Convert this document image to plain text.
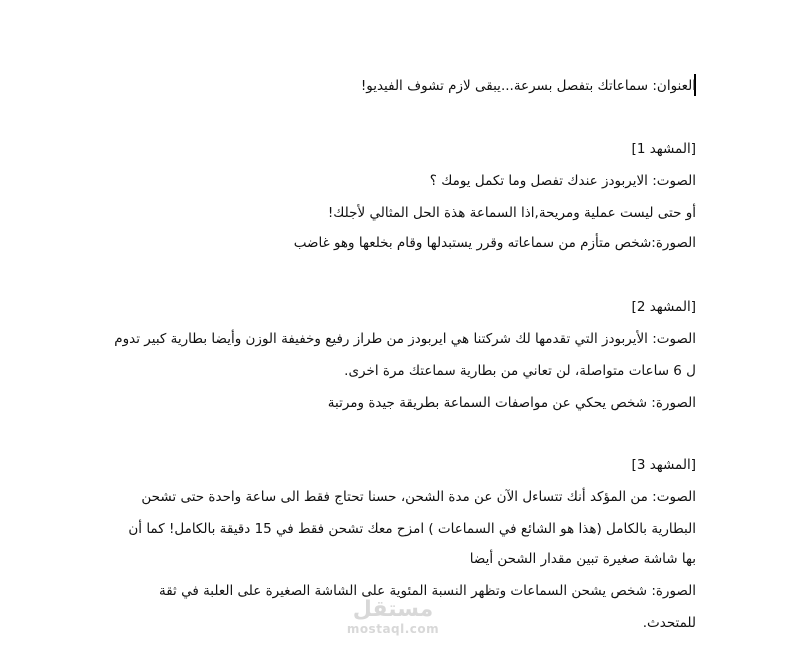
العنوان: سماعاتك بتفصل بسرعة...يبقى لازم تشوف الفيديو!
[المشهد 1]
الصوت: الايربودز عندك تفصل وما تكمل يومك ؟
أو حتى ليست عملية ومريحة,اذا السماعة هذة الحل المثالي لأجلك!
الصورة:شخص متأزم من سماعاته وقرر يستبدلها وقام بخلعها وهو غاضب
[المشهد 2]
الصوت: الأيربودز التي تقدمها لك شركتنا هي ايربودز من طراز رفيع وخفيفة الوزن وأيضا بطارية كبير تدوم
ل 6 ساعات متواصلة، لن تعاني من بطارية سماعتك مرة اخرى.
الصورة: شخص يحكي عن مواصفات السماعة بطريقة جيدة ومرتبة
[المشهد 3]
الصوت: من المؤكد أنك تتساءل الآن عن مدة الشحن، حسنا تحتاج فقط الى ساعة واحدة حتى تشحن
البطارية بالكامل (هذا هو الشائع في السماعات ) امزح معك تشحن فقط في 15 دقيقة بالكامل! كما أن
بها شاشة صغيرة تبين مقدار الشحن أيضا
الصورة: شخص يشحن السماعات وتظهر النسبة المئوية على الشاشة الصغيرة على العلبة في ثقة
للمتحدث.
مستقل
mostaql.com
